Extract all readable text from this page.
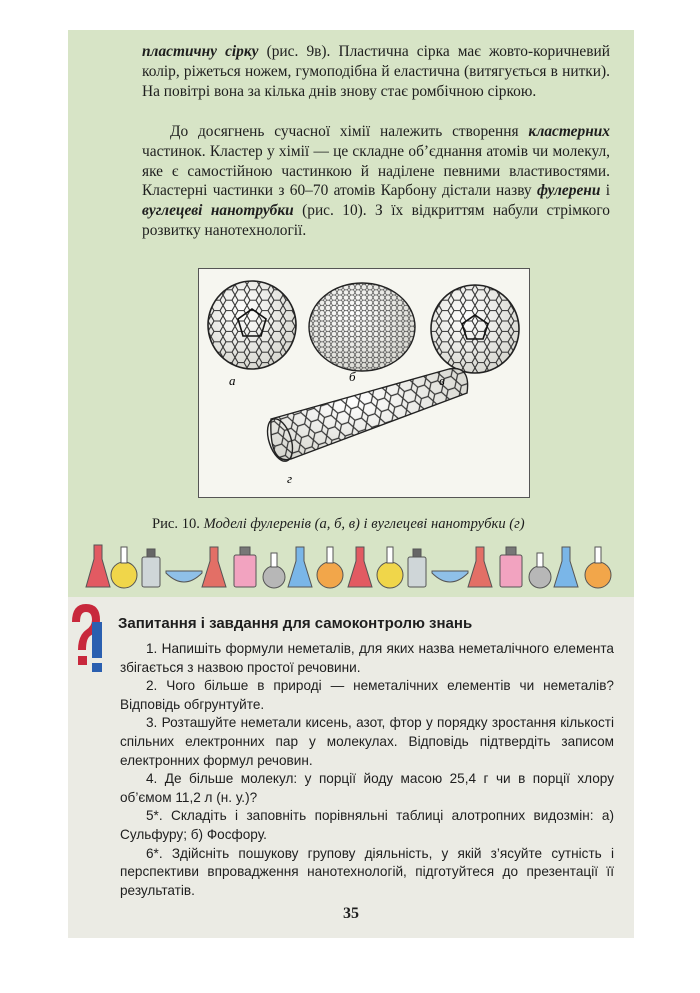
пластичну сірку (рис. 9в). Пластична сірка має жовто-коричневий колір, ріжеться ножем, гумоподібна й еластична (витягується в нитки). На повітрі вона за кілька днів знову стає ромбічною сіркою.

До досягнень сучасної хімії належить створення кластерних частинок. Кластер у хімії — це складне об’єднання атомів чи молекул, яке є самостійною частинкою й наділене певними властивостями. Кластерні частинки з 60–70 атомів Карбону дістали назву фулерени і вуглецеві нанотрубки (рис. 10). З їх відкриттям набули стрімкого розвитку нанотехнології.

а	б	в
г
Рис. 10. Моделі фулеренів (а, б, в) і вуглецеві нанотрубки (г)
Запитання і завдання для самоконтролю знань
1. Напишіть формули неметалів, для яких назва неметалічного елемента збігається з назвою простої речовини.
2. Чого більше в природі — неметалічних елементів чи неметалів? Відповідь обгрунтуйте.
3. Розташуйте неметали кисень, азот, фтор у порядку зростання кількості спільних електронних пар у молекулах. Відповідь підтвердіть записом електронних формул речовин.
4. Де більше молекул: у порції йоду масою 25,4 г чи в порції хлору об’ємом 11,2 л (н. у.)?
5*. Складіть і заповніть порівняльні таблиці алотропних видозмін: а) Сульфуру; б) Фосфору.
6*. Здійсніть пошукову групову діяльність, у якій з’ясуйте сутність і перспективи впровадження нанотехнологій, підготуйтеся до презентації її результатів.
35
